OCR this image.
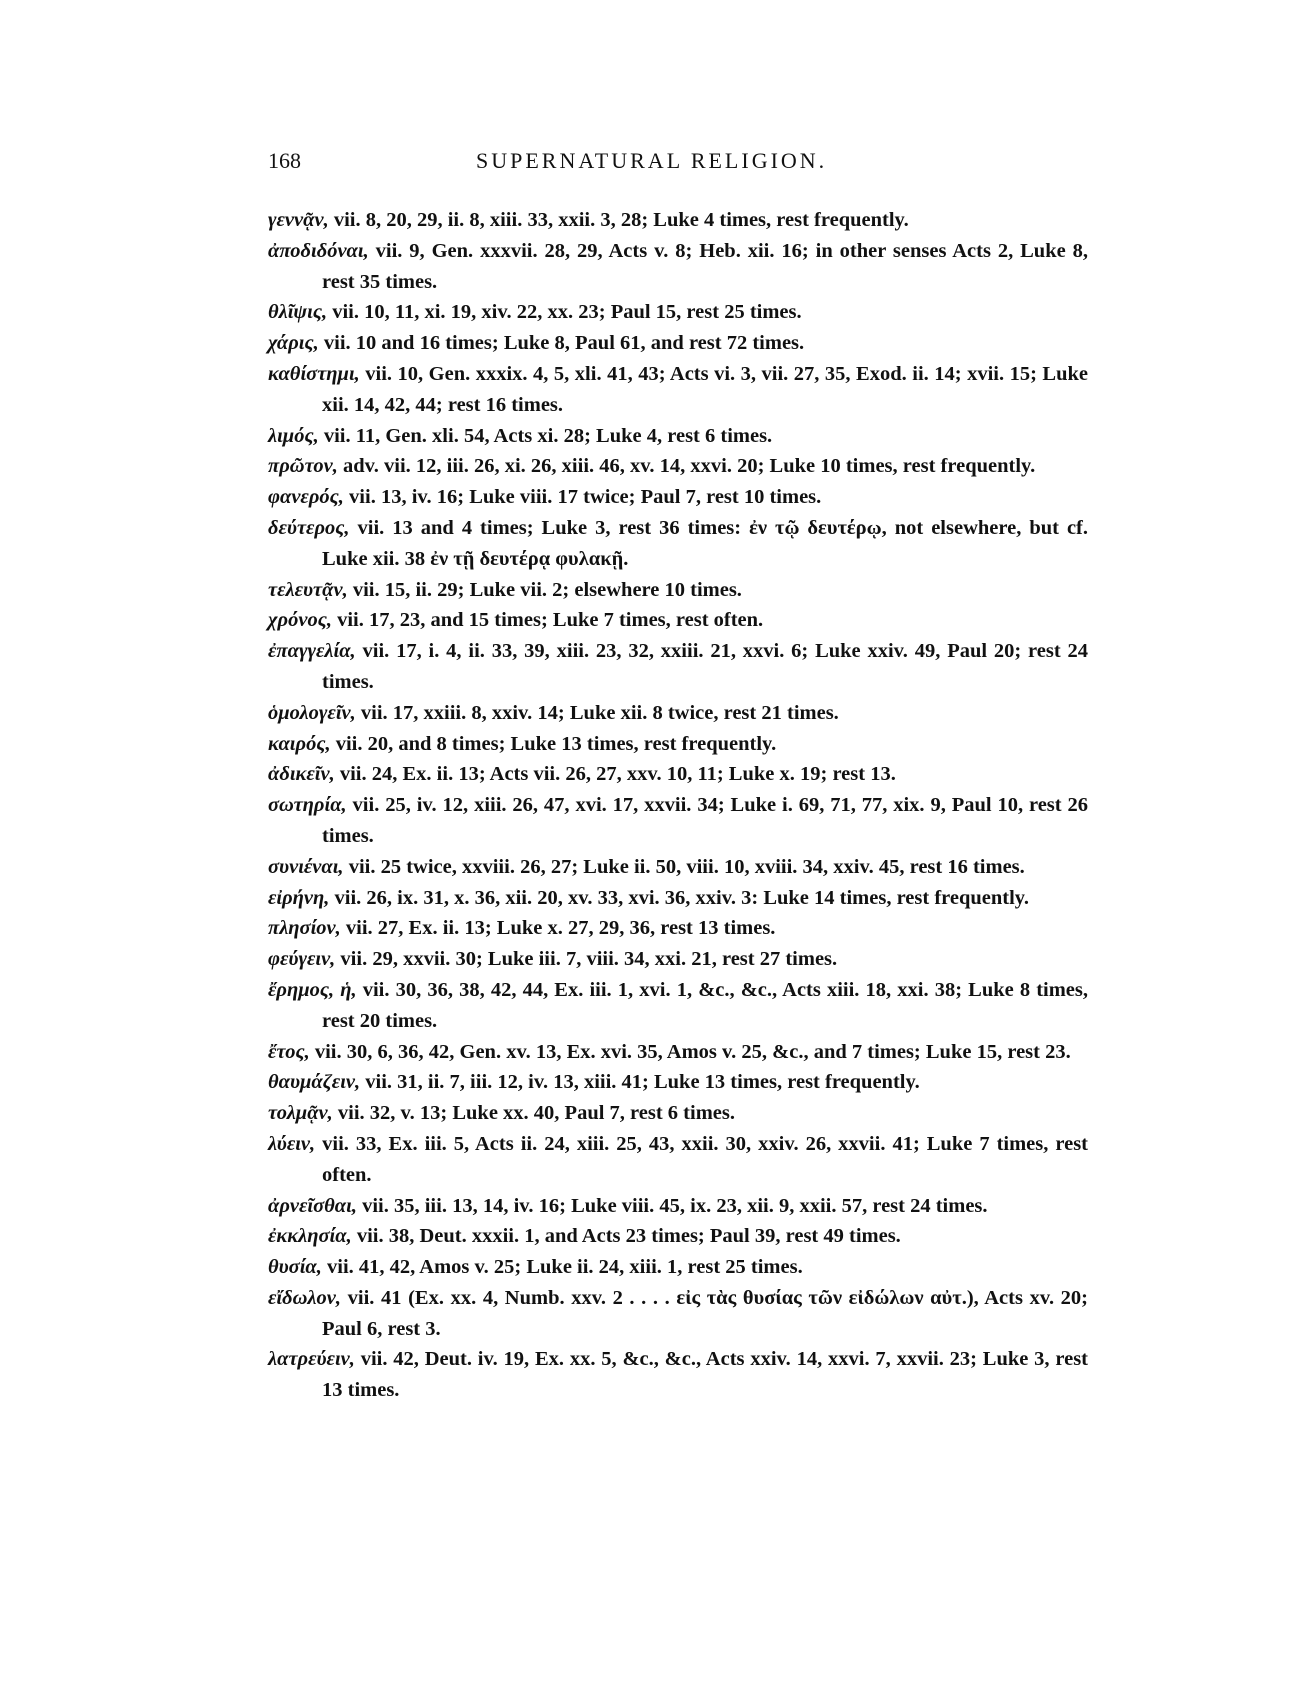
168	SUPERNATURAL RELIGION.
γεννᾷν, vii. 8, 20, 29, ii. 8, xiii. 33, xxii. 3, 28; Luke 4 times, rest frequently.
ἀποδιδόναι, vii. 9, Gen. xxxvii. 28, 29, Acts v. 8; Heb. xii. 16; in other senses Acts 2, Luke 8, rest 35 times.
θλῖψις, vii. 10, 11, xi. 19, xiv. 22, xx. 23; Paul 15, rest 25 times.
χάρις, vii. 10 and 16 times; Luke 8, Paul 61, and rest 72 times.
καθίστημι, vii. 10, Gen. xxxix. 4, 5, xli. 41, 43; Acts vi. 3, vii. 27, 35, Exod. ii. 14; xvii. 15; Luke xii. 14, 42, 44; rest 16 times.
λιμός, vii. 11, Gen. xli. 54, Acts xi. 28; Luke 4, rest 6 times.
πρῶτον, adv. vii. 12, iii. 26, xi. 26, xiii. 46, xv. 14, xxvi. 20; Luke 10 times, rest frequently.
φανερός, vii. 13, iv. 16; Luke viii. 17 twice; Paul 7, rest 10 times.
δεύτερος, vii. 13 and 4 times; Luke 3, rest 36 times: ἐν τῷ δευτέρῳ, not elsewhere, but cf. Luke xii. 38 ἐν τῇ δευτέρᾳ φυλακῇ.
τελευτᾷν, vii. 15, ii. 29; Luke vii. 2; elsewhere 10 times.
χρόνος, vii. 17, 23, and 15 times; Luke 7 times, rest often.
ἐπαγγελία, vii. 17, i. 4, ii. 33, 39, xiii. 23, 32, xxiii. 21, xxvi. 6; Luke xxiv. 49, Paul 20; rest 24 times.
ὁμολογεῖν, vii. 17, xxiii. 8, xxiv. 14; Luke xii. 8 twice, rest 21 times.
καιρός, vii. 20, and 8 times; Luke 13 times, rest frequently.
ἀδικεῖν, vii. 24, Ex. ii. 13; Acts vii. 26, 27, xxv. 10, 11; Luke x. 19; rest 13.
σωτηρία, vii. 25, iv. 12, xiii. 26, 47, xvi. 17, xxvii. 34; Luke i. 69, 71, 77, xix. 9, Paul 10, rest 26 times.
συνιέναι, vii. 25 twice, xxviii. 26, 27; Luke ii. 50, viii. 10, xviii. 34, xxiv. 45, rest 16 times.
εἰρήνη, vii. 26, ix. 31, x. 36, xii. 20, xv. 33, xvi. 36, xxiv. 3: Luke 14 times, rest frequently.
πλησίον, vii. 27, Ex. ii. 13; Luke x. 27, 29, 36, rest 13 times.
φεύγειν, vii. 29, xxvii. 30; Luke iii. 7, viii. 34, xxi. 21, rest 27 times.
ἔρημος, ἡ, vii. 30, 36, 38, 42, 44, Ex. iii. 1, xvi. 1, &c., &c., Acts xiii. 18, xxi. 38; Luke 8 times, rest 20 times.
ἔτος, vii. 30, 6, 36, 42, Gen. xv. 13, Ex. xvi. 35, Amos v. 25, &c., and 7 times; Luke 15, rest 23.
θαυμάζειν, vii. 31, ii. 7, iii. 12, iv. 13, xiii. 41; Luke 13 times, rest frequently.
τολμᾷν, vii. 32, v. 13; Luke xx. 40, Paul 7, rest 6 times.
λύειν, vii. 33, Ex. iii. 5, Acts ii. 24, xiii. 25, 43, xxii. 30, xxiv. 26, xxvii. 41; Luke 7 times, rest often.
ἀρνεῖσθαι, vii. 35, iii. 13, 14, iv. 16; Luke viii. 45, ix. 23, xii. 9, xxii. 57, rest 24 times.
ἐκκλησία, vii. 38, Deut. xxxii. 1, and Acts 23 times; Paul 39, rest 49 times.
θυσία, vii. 41, 42, Amos v. 25; Luke ii. 24, xiii. 1, rest 25 times.
εἴδωλον, vii. 41 (Ex. xx. 4, Numb. xxv. 2 . . . . εἰς τὰς θυσίας τῶν εἰδώλων αὐτ.), Acts xv. 20; Paul 6, rest 3.
λατρεύειν, vii. 42, Deut. iv. 19, Ex. xx. 5, &c., &c., Acts xxiv. 14, xxvi. 7, xxvii. 23; Luke 3, rest 13 times.
